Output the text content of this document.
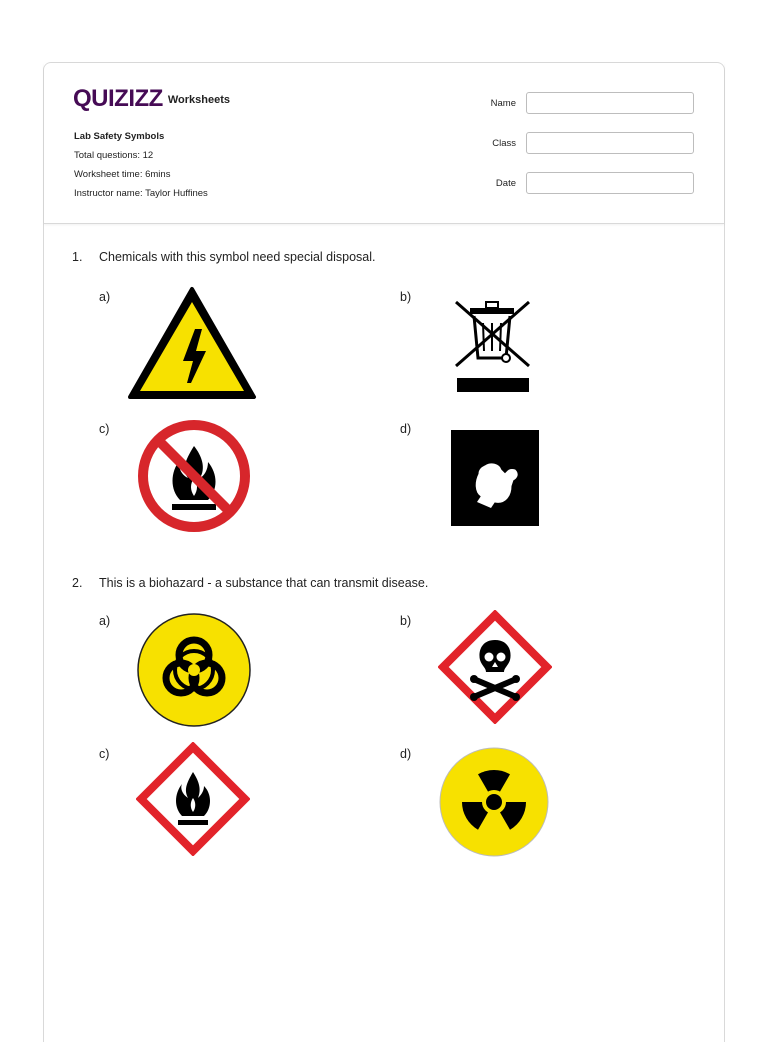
QUIZIZZ Worksheets
Lab Safety Symbols
Total questions: 12
Worksheet time: 6mins
Instructor name: Taylor Huffines
Name
Class
Date
1. Chemicals with this symbol need special disposal.
a)	b)
c)	d)
2. This is a biohazard - a substance that can transmit disease.
a)	b)
c)	d)
